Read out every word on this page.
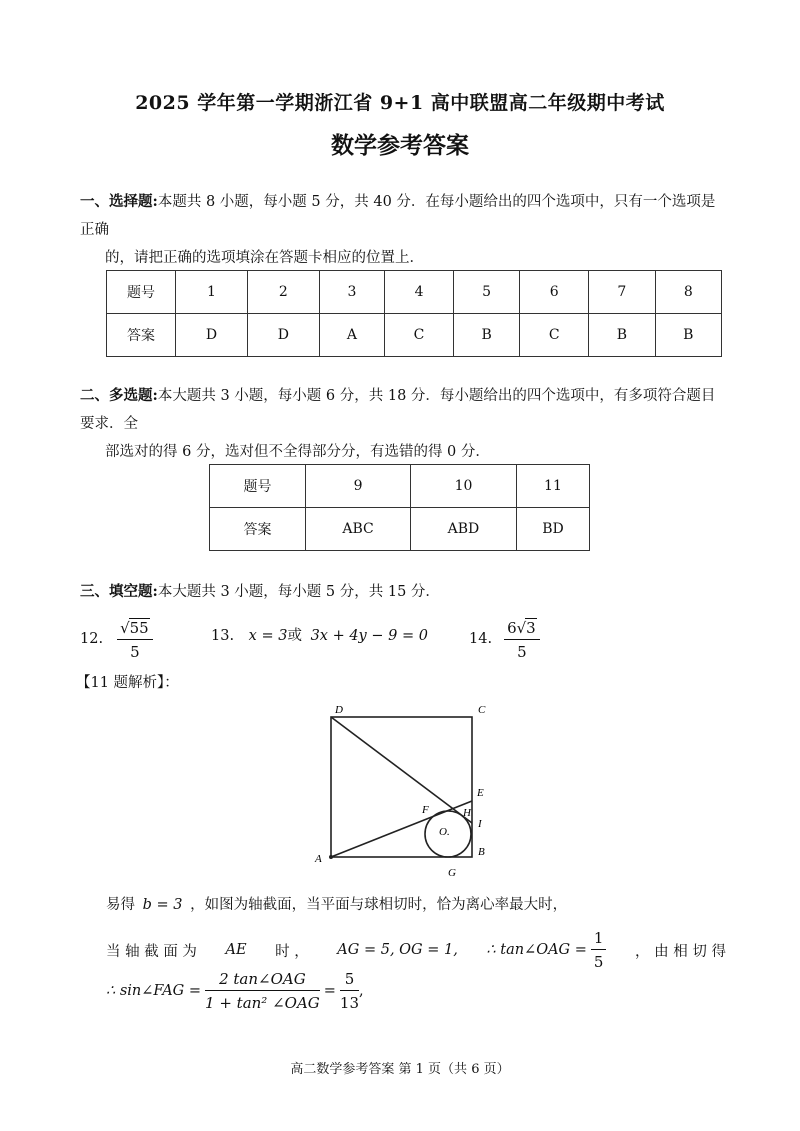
2025 学年第一学期浙江省 9+1 高中联盟高二年级期中考试
数学参考答案
一、选择题:本题共 8 小题，每小题 5 分，共 40 分．在每小题给出的四个选项中，只有一个选项是正确
的，请把正确的选项填涂在答题卡相应的位置上．
题号	1	2	3	4	5	6	7	8
答案	D	D	A	C	B	C	B	B
二、多选题:本大题共 3 小题，每小题 6 分，共 18 分．每小题给出的四个选项中，有多项符合题目要求．全
部选对的得 6 分，选对但不全得部分分，有选错的得 0 分．
题号	9	10	11
答案	ABC	ABD	BD
三、填空题:本大题共 3 小题，每小题 5 分，共 15 分．
12. $\frac{√55}{5}$	13. x = 3或 3x + 4y − 9 = 0	14. $\frac{6√3}{5}$
【11 题解析】：
D	C
E
F	H
I
O.
A
B
G
易得 b = 3 ，如图为轴截面，当平面与球相切时，恰为离心率最大时，
当 轴 截 面 为 AE 时 ， AG = 5, OG = 1, ∴ tan∠OAG = $\frac{1}{5}$ ， 由 相 切 得
∴ sin∠FAG = $\frac{\text{2 tan∠OAG}}{\text{1 + tan² ∠OAG}} = \frac{5}{13}$ ,
高二数学参考答案 第 1 页（共 6 页）
